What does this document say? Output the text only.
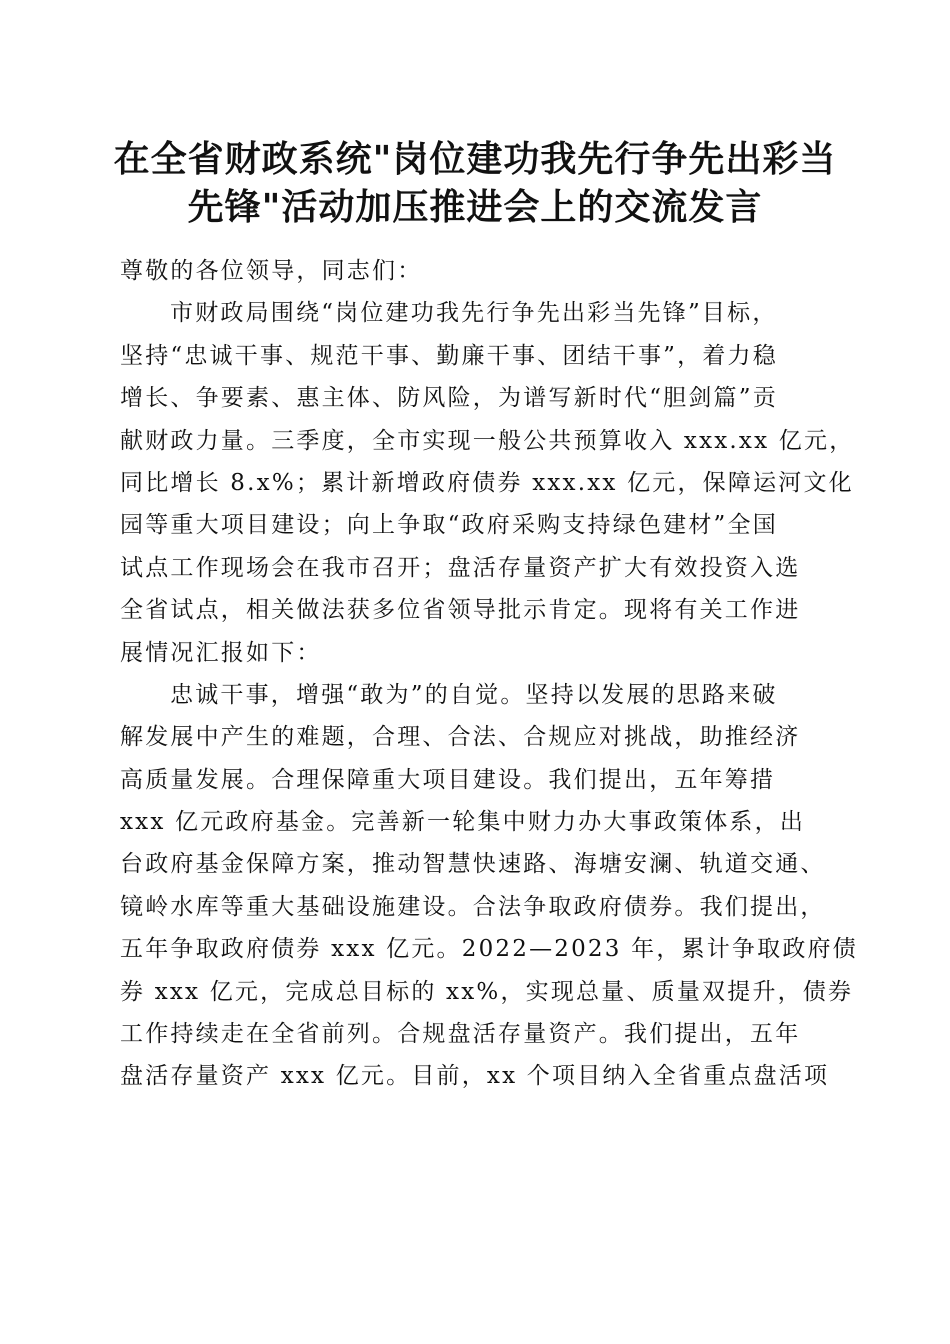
在全省财政系统"岗位建功我先行争先出彩当
先锋"活动加压推进会上的交流发言
尊敬的各位领导，同志们：
市财政局围绕“岗位建功我先行争先出彩当先锋”目标，
坚持“忠诚干事、规范干事、勤廉干事、团结干事”，着力稳
增长、争要素、惠主体、防风险，为谱写新时代“胆剑篇”贡
献财政力量。三季度，全市实现一般公共预算收入 xxx.xx 亿元，
同比增长 8.x%；累计新增政府债券 xxx.xx 亿元，保障运河文化
园等重大项目建设；向上争取“政府采购支持绿色建材”全国
试点工作现场会在我市召开；盘活存量资产扩大有效投资入选
全省试点，相关做法获多位省领导批示肯定。现将有关工作进
展情况汇报如下：
忠诚干事，增强“敢为”的自觉。坚持以发展的思路来破
解发展中产生的难题，合理、合法、合规应对挑战，助推经济
高质量发展。合理保障重大项目建设。我们提出，五年筹措
xxx 亿元政府基金。完善新一轮集中财力办大事政策体系，出
台政府基金保障方案，推动智慧快速路、海塘安澜、轨道交通、
镜岭水库等重大基础设施建设。合法争取政府债券。我们提出，
五年争取政府债券 xxx 亿元。2022—2023 年，累计争取政府债
券 xxx 亿元，完成总目标的 xx%，实现总量、质量双提升，债券
工作持续走在全省前列。合规盘活存量资产。我们提出，五年
盘活存量资产 xxx 亿元。目前，xx 个项目纳入全省重点盘活项
